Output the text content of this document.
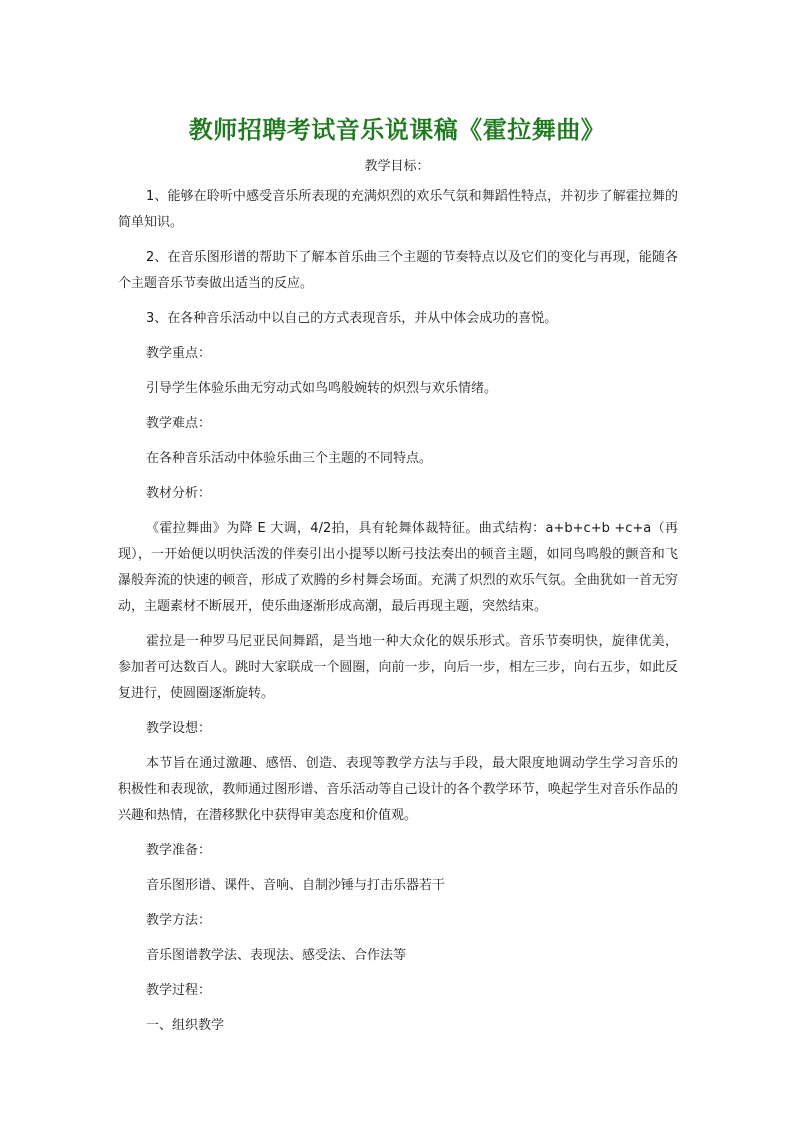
教师招聘考试音乐说课稿《霍拉舞曲》
教学目标：

1、能够在聆听中感受音乐所表现的充满炽烈的欢乐气氛和舞蹈性特点，并初步了解霍拉舞的简单知识。

2、在音乐图形谱的帮助下了解本首乐曲三个主题的节奏特点以及它们的变化与再现，能随各个主题音乐节奏做出适当的反应。

3、在各种音乐活动中以自己的方式表现音乐，并从中体会成功的喜悦。

教学重点：

引导学生体验乐曲无穷动式如鸟鸣般婉转的炽烈与欢乐情绪。

教学难点：

在各种音乐活动中体验乐曲三个主题的不同特点。

教材分析：

《霍拉舞曲》为降 E 大调，4/2拍，具有轮舞体裁特征。曲式结构：a+b+c+b +c+a（再现），一开始便以明快活泼的伴奏引出小提琴以断弓技法奏出的顿音主题，如同鸟鸣般的颤音和飞瀑般奔流的快速的顿音，形成了欢腾的乡村舞会场面。充满了炽烈的欢乐气氛。全曲犹如一首无穷动，主题素材不断展开，使乐曲逐渐形成高潮，最后再现主题，突然结束。

霍拉是一种罗马尼亚民间舞蹈，是当地一种大众化的娱乐形式。音乐节奏明快，旋律优美，参加者可达数百人。跳时大家联成一个圆圈，向前一步，向后一步，相左三步，向右五步，如此反复进行，使圆圈逐渐旋转。

教学设想：

本节旨在通过激趣、感悟、创造、表现等教学方法与手段，最大限度地调动学生学习音乐的积极性和表现欲，教师通过图形谱、音乐活动等自己设计的各个教学环节，唤起学生对音乐作品的兴趣和热情，在潜移默化中获得审美态度和价值观。

教学准备：

音乐图形谱、课件、音响、自制沙锤与打击乐器若干

教学方法：

音乐图谱教学法、表现法、感受法、合作法等

教学过程：

一、组织教学
